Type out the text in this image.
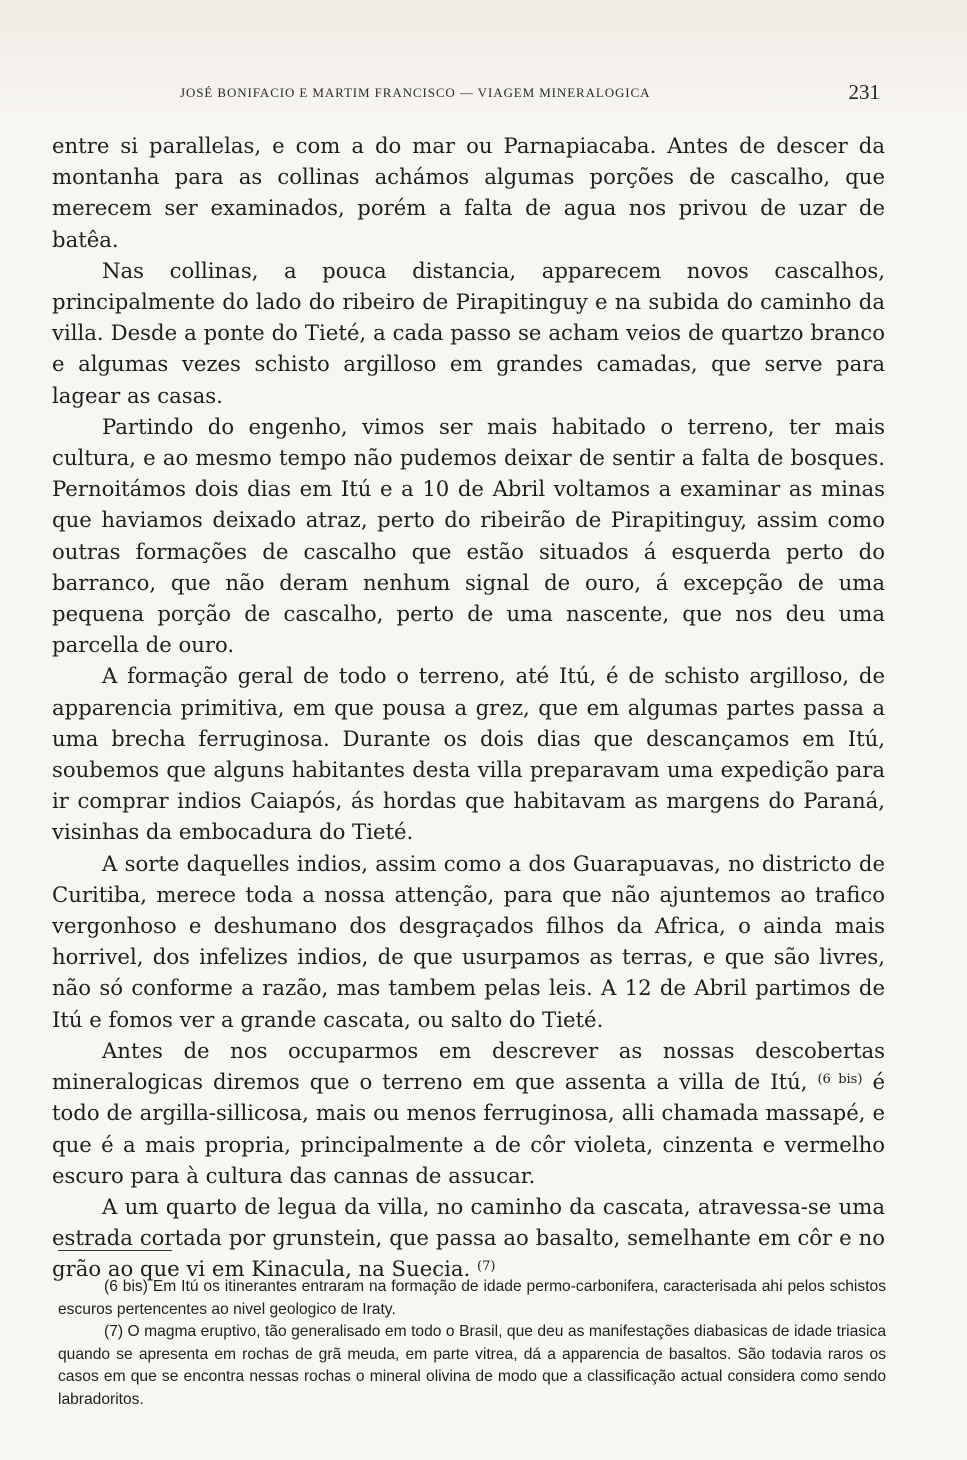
JOSÉ BONIFACIO E MARTIM FRANCISCO — VIAGEM MINERALOGICA	231

entre si parallelas, e com a do mar ou Parnapiacaba. Antes de descer da montanha para as collinas achámos algumas porções de cascalho, que merecem ser examinados, porém a falta de agua nos privou de uzar de batêa.

Nas collinas, a pouca distancia, apparecem novos cascalhos, principalmente do lado do ribeiro de Pirapitinguy e na subida do caminho da villa. Desde a ponte do Tieté, a cada passo se acham veios de quartzo branco e algumas vezes schisto argilloso em grandes camadas, que serve para lagear as casas.

Partindo do engenho, vimos ser mais habitado o terreno, ter mais cultura, e ao mesmo tempo não pudemos deixar de sentir a falta de bosques. Pernoitámos dois dias em Itú e a 10 de Abril voltamos a examinar as minas que haviamos deixado atraz, perto do ribeirão de Pirapitinguy, assim como outras formações de cascalho que estão situados á esquerda perto do barranco, que não deram nenhum signal de ouro, á excepção de uma pequena porção de cascalho, perto de uma nascente, que nos deu uma parcella de ouro.

A formação geral de todo o terreno, até Itú, é de schisto argilloso, de apparencia primitiva, em que pousa a grez, que em algumas partes passa a uma brecha ferruginosa. Durante os dois dias que descançamos em Itú, soubemos que alguns habitantes desta villa preparavam uma expedição para ir comprar indios Caiapós, ás hordas que habitavam as margens do Paraná, visinhas da embocadura do Tieté.

A sorte daquelles indios, assim como a dos Guarapuavas, no districto de Curitiba, merece toda a nossa attenção, para que não ajuntemos ao trafico vergonhoso e deshumano dos desgraçados filhos da Africa, o ainda mais horrivel, dos infelizes indios, de que usurpamos as terras, e que são livres, não só conforme a razão, mas tambem pelas leis. A 12 de Abril partimos de Itú e fomos ver a grande cascata, ou salto do Tieté.

Antes de nos occuparmos em descrever as nossas descobertas mineralogicas diremos que o terreno em que assenta a villa de Itú, $^{(6 bis)}$ é todo de argilla-sillicosa, mais ou menos ferruginosa, alli chamada massapé, e que é a mais propria, principalmente a de côr violeta, cinzenta e vermelho escuro para à cultura das cannas de assucar.

A um quarto de legua da villa, no caminho da cascata, atravessa-se uma estrada cortada por grunstein, que passa ao basalto, semelhante em côr e no grão ao que vi em Kinacula, na Suecia. $^{(7)}$

(6 bis) Em Itú os itinerantes entraram na formação de idade permo-carbonifera, caracterisada ahi pelos schistos escuros pertencentes ao nivel geologico de Iraty.

(7) O magma eruptivo, tão generalisado em todo o Brasil, que deu as manifestações diabasicas de idade triasica quando se apresenta em rochas de grã meuda, em parte vitrea, dá a apparencia de basaltos. São todavia raros os casos em que se encontra nessas rochas o mineral olivina de modo que a classificação actual considera como sendo labradoritos.
